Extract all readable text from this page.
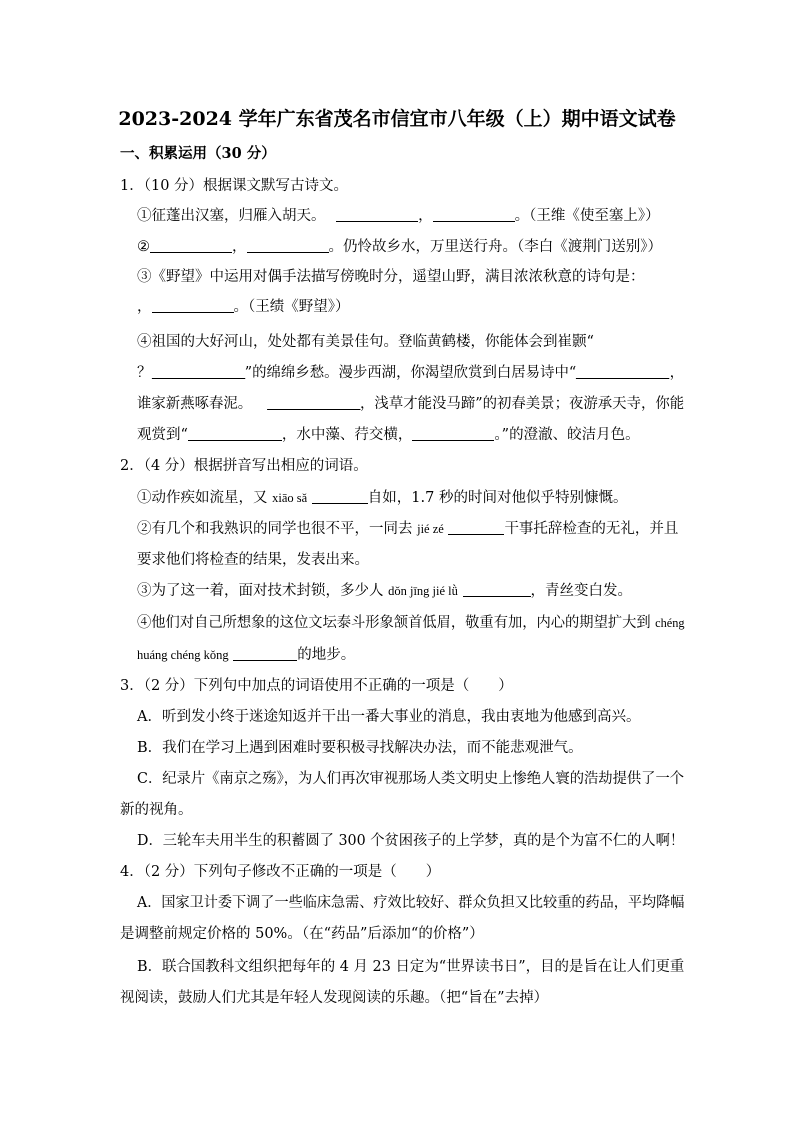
2023-2024 学年广东省茂名市信宜市八年级（上）期中语文试卷
一、积累运用（30 分）
1．（10 分）根据课文默写古诗文。
①征蓬出汉塞，归雁入胡天。	，	。（王维《使至塞上》）
②	，	。仍怜故乡水，万里送行舟。（李白《渡荆门送别》）
③《野望》中运用对偶手法描写傍晚时分，遥望山野，满目浓浓秋意的诗句是：
，	。（王绩《野望》）
④祖国的大好河山，处处都有美景佳句。登临黄鹤楼，你能体会到崔颢“
？	”的绵绵乡愁。漫步西湖，你渴望欣赏到白居易诗中“	，
谁家新燕啄春泥。	，浅草才能没马蹄”的初春美景；夜游承天寺，你能
观赏到“	，水中藻、荇交横，	。”的澄澈、皎洁月色。
2．（4 分）根据拼音写出相应的词语。
①动作疾如流星，又 xiāo sǎ	自如，1.7 秒的时间对他似乎特别慷慨。
②有几个和我熟识的同学也很不平，一同去 jié zé	干事托辞检查的无礼，并且
要求他们将检查的结果，发表出来。
③为了这一着，面对技术封锁，多少人 dǒn jīng jié lǜ	，青丝变白发。
④他们对自己所想象的这位文坛泰斗形象颔首低眉，敬重有加，内心的期望扩大到 chéng
huáng chéng kǒng	的地步。
3．（2 分）下列句中加点的词语使用不正确的一项是（　　）
A．听到发小终于迷途知返并干出一番大事业的消息，我由衷地为他感到高兴。
B．我们在学习上遇到困难时要积极寻找解决办法，而不能悲观泄气。
C．纪录片《南京之殇》，为人们再次审视那场人类文明史上惨绝人寰的浩劫提供了一个
新的视角。
D．三轮车夫用半生的积蓄圆了 300 个贫困孩子的上学梦，真的是个为富不仁的人啊！
4．（2 分）下列句子修改不正确的一项是（　　）
A．国家卫计委下调了一些临床急需、疗效比较好、群众负担又比较重的药品，平均降幅
是调整前规定价格的 50%。（在“药品”后添加“的价格”）
B．联合国教科文组织把每年的 4 月 23 日定为“世界读书日”，目的是旨在让人们更重
视阅读，鼓励人们尤其是年轻人发现阅读的乐趣。（把“旨在”去掉）
